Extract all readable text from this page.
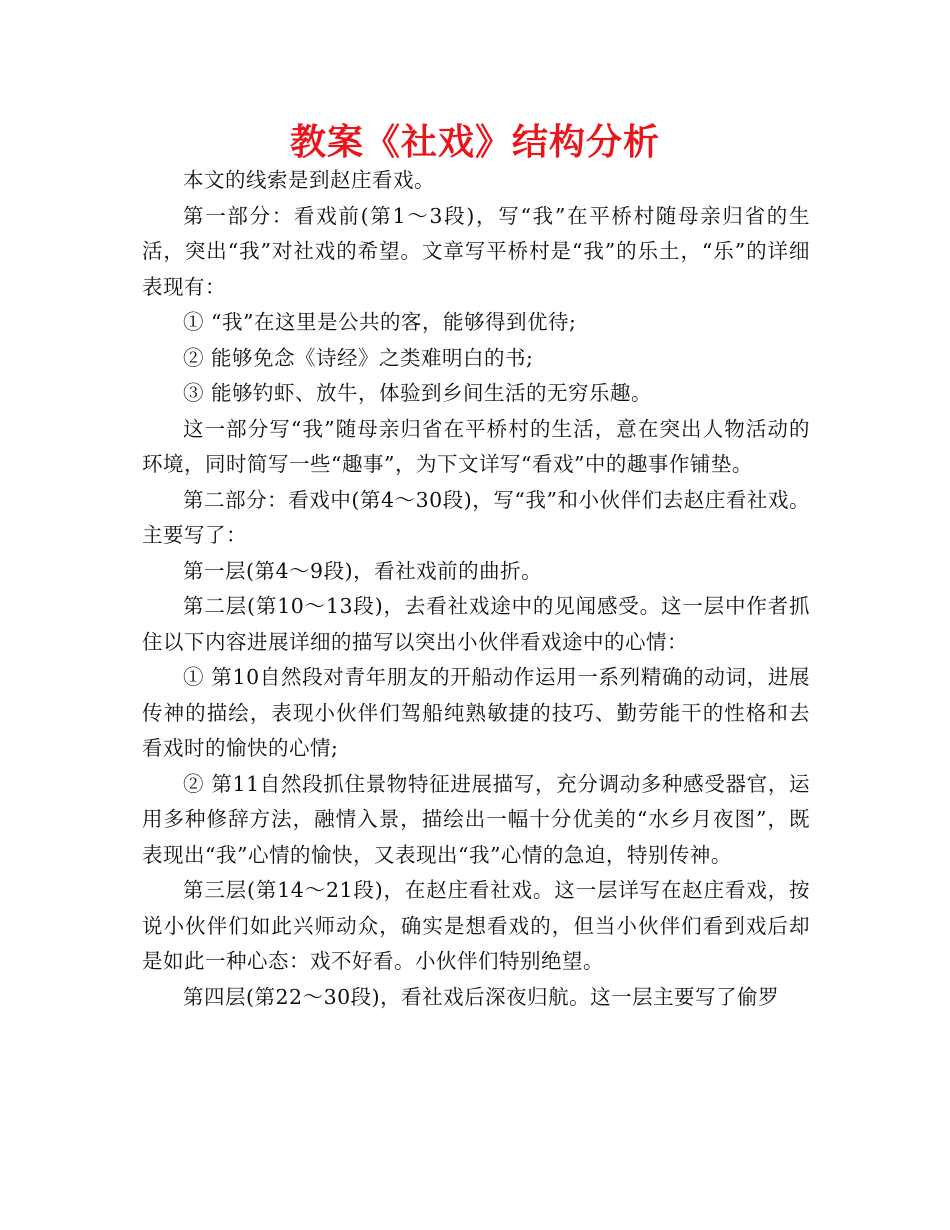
教案《社戏》结构分析

本文的线索是到赵庄看戏。

第一部分：看戏前(第1～3段)，写“我”在平桥村随母亲归省的生活，突出“我”对社戏的希望。文章写平桥村是“我”的乐土，“乐”的详细表现有：

① “我”在这里是公共的客，能够得到优待;

② 能够免念《诗经》之类难明白的书;

③ 能够钓虾、放牛，体验到乡间生活的无穷乐趣。

这一部分写“我”随母亲归省在平桥村的生活，意在突出人物活动的环境，同时简写一些“趣事”，为下文详写“看戏”中的趣事作铺垫。

第二部分：看戏中(第4～30段)，写“我”和小伙伴们去赵庄看社戏。主要写了：

第一层(第4～9段)，看社戏前的曲折。

第二层(第10～13段)，去看社戏途中的见闻感受。这一层中作者抓住以下内容进展详细的描写以突出小伙伴看戏途中的心情：

① 第10自然段对青年朋友的开船动作运用一系列精确的动词，进展传神的描绘，表现小伙伴们驾船纯熟敏捷的技巧、勤劳能干的性格和去看戏时的愉快的心情;

② 第11自然段抓住景物特征进展描写，充分调动多种感受器官，运用多种修辞方法，融情入景，描绘出一幅十分优美的“水乡月夜图”，既表现出“我”心情的愉快，又表现出“我”心情的急迫，特别传神。

第三层(第14～21段)，在赵庄看社戏。这一层详写在赵庄看戏，按说小伙伴们如此兴师动众，确实是想看戏的，但当小伙伴们看到戏后却是如此一种心态：戏不好看。小伙伴们特别绝望。

第四层(第22～30段)，看社戏后深夜归航。这一层主要写了偷罗
